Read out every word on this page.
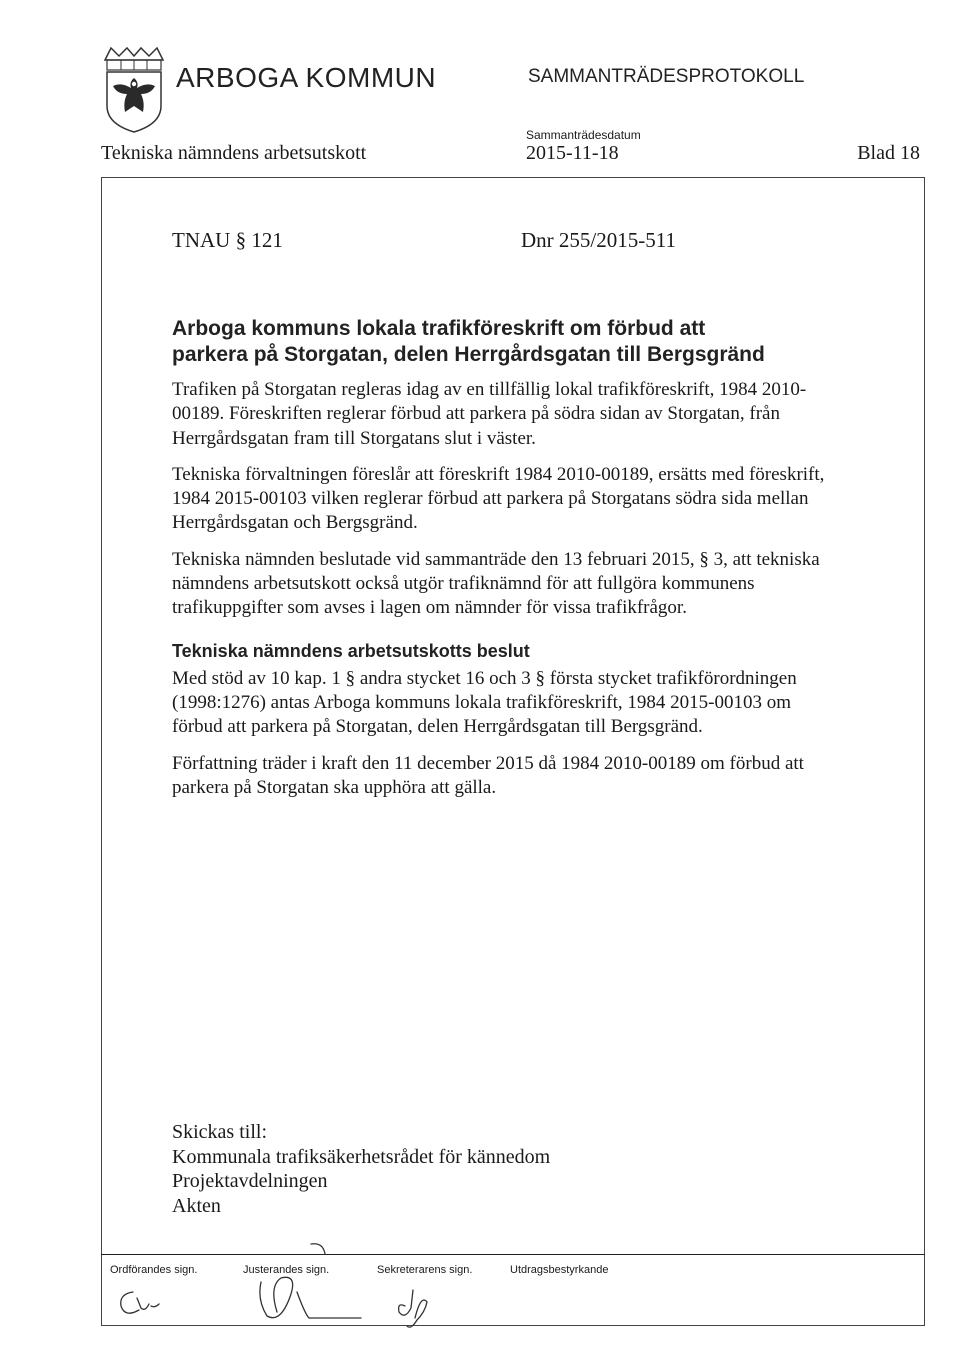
ARBOGA KOMMUN	SAMMANTRÄDESPROTOKOLL
Tekniska nämndens arbetsutskott
Sammanträdesdatum
2015-11-18	Blad 18
TNAU § 121	Dnr 255/2015-511
Arboga kommuns lokala trafikföreskrift om förbud att
parkera på Storgatan, delen Herrgårdsgatan till Bergsgränd

Trafiken på Storgatan regleras idag av en tillfällig lokal trafikföreskrift, 1984 2010-00189. Föreskriften reglerar förbud att parkera på södra sidan av Storgatan, från Herrgårdsgatan fram till Storgatans slut i väster.

Tekniska förvaltningen föreslår att föreskrift 1984 2010-00189, ersätts med föreskrift, 1984 2015-00103 vilken reglerar förbud att parkera på Storgatans södra sida mellan Herrgårdsgatan och Bergsgränd.

Tekniska nämnden beslutade vid sammanträde den 13 februari 2015, § 3, att tekniska nämndens arbetsutskott också utgör trafiknämnd för att fullgöra kommunens trafikuppgifter som avses i lagen om nämnder för vissa trafikfrågor.

Tekniska nämndens arbetsutskotts beslut

Med stöd av 10 kap. 1 § andra stycket 16 och 3 § första stycket trafikförordningen (1998:1276) antas Arboga kommuns lokala trafikföreskrift, 1984 2015-00103 om förbud att parkera på Storgatan, delen Herrgårdsgatan till Bergsgränd.

Författning träder i kraft den 11 december 2015 då 1984 2010-00189 om förbud att parkera på Storgatan ska upphöra att gälla.

Skickas till:
Kommunala trafiksäkerhetsrådet för kännedom
Projektavdelningen
Akten
Ordförandes sign.	Justerandes sign.	Sekreterarens sign.	Utdragsbestyrkande
